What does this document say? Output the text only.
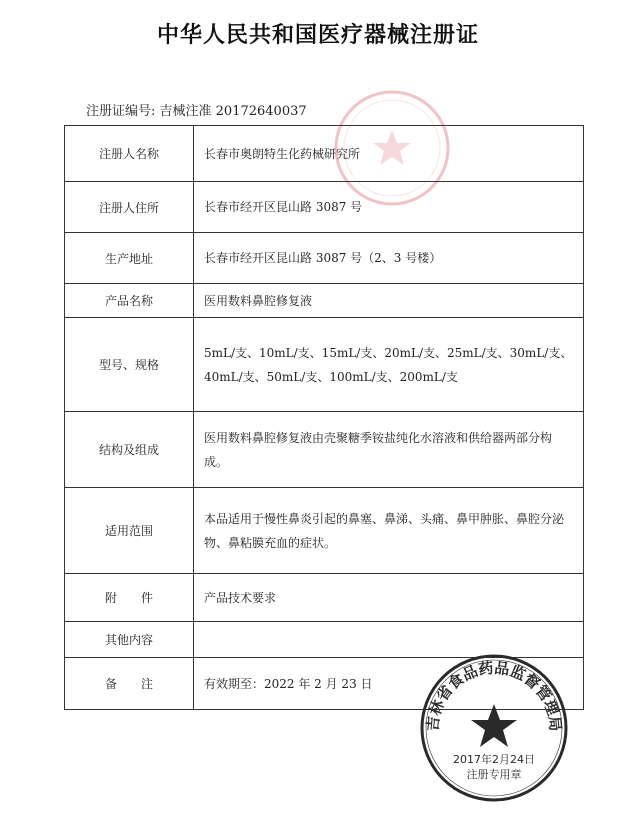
中华人民共和国医疗器械注册证
注册证编号: 吉械注准 20172640037
注册人名称	长春市奥朗特生化药械研究所
注册人住所	长春市经开区昆山路 3087 号
生产地址	长春市经开区昆山路 3087 号（2、3 号楼）
产品名称	医用数料鼻腔修复液
型号、规格	5mL/支、10mL/支、15mL/支、20mL/支、25mL/支、30mL/支、40mL/支、50mL/支、100mL/支、200mL/支
结构及组成	医用数料鼻腔修复液由壳聚糖季铵盐纯化水溶液和供给器两部分构成。
适用范围	本品适用于慢性鼻炎引起的鼻塞、鼻涕、头痛、鼻甲肿胀、鼻腔分泌物、鼻粘膜充血的症状。
附　　件	产品技术要求
其他内容	
备　　注	有效期至：2022 年 2 月 23 日
吉林省食品药品监督管理局
2017年2月24日
注册专用章
